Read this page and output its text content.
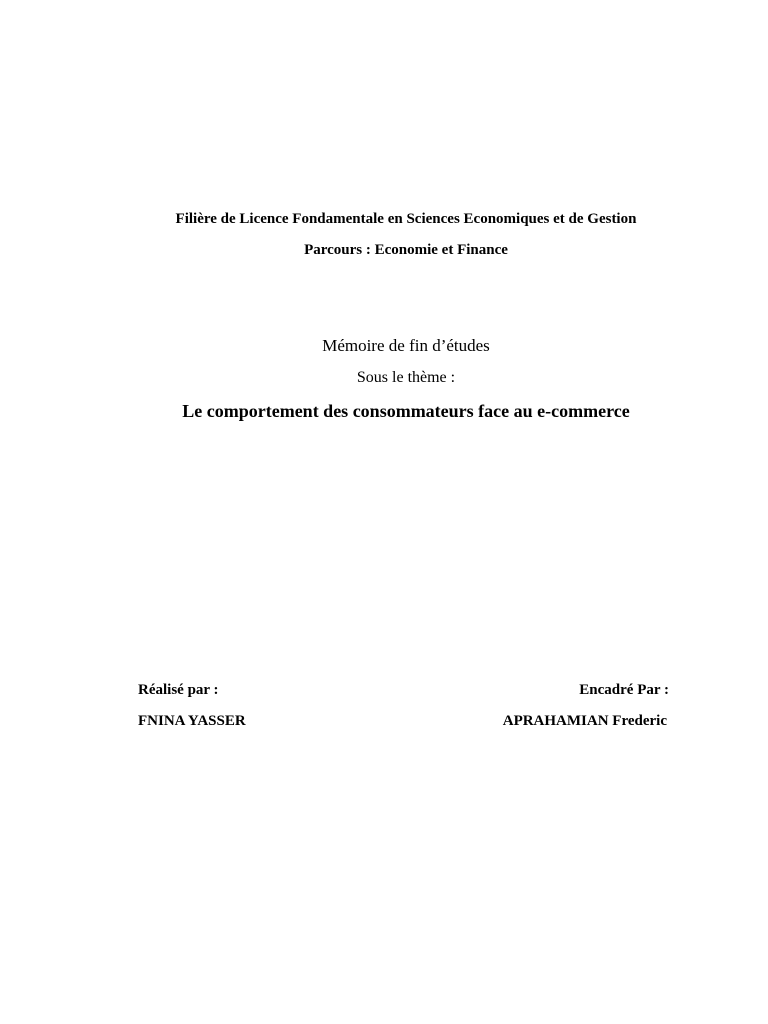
Filière de Licence Fondamentale en Sciences Economiques et de Gestion
Parcours : Economie et Finance
Mémoire de fin d’études
Sous le thème :
Le comportement des consommateurs face au e-commerce
Réalisé par :
FNINA YASSER
Encadré Par :
APRAHAMIAN Frederic
